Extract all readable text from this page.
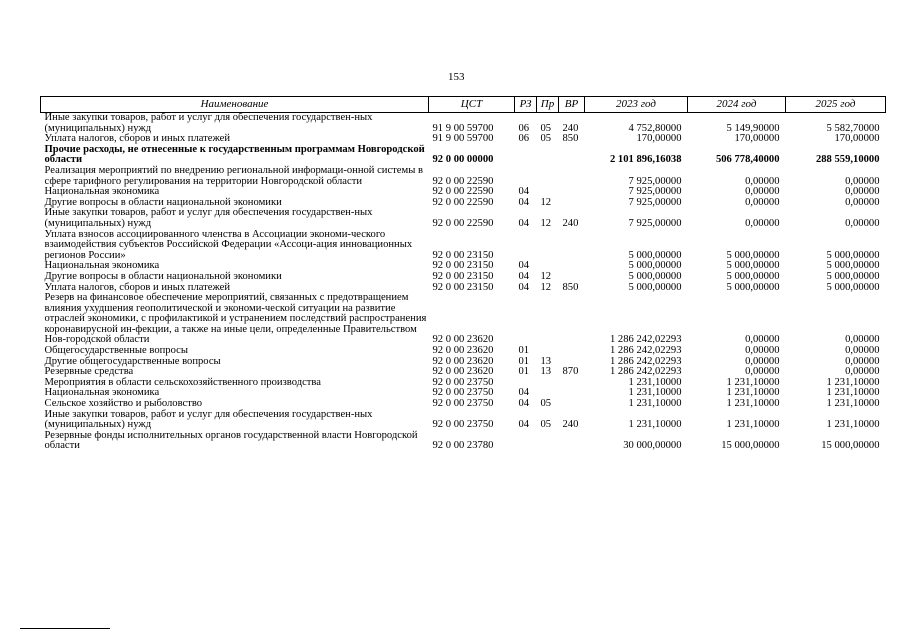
153
Наименование	ЦСТ	РЗ	Пр	ВР	2023 год	2024 год	2025 год
Иные закупки товаров, работ и услуг для обеспечения государствен-ных (муниципальных) нужд	91 9 00 59700	06	05	240	4 752,80000	5 149,90000	5 582,70000
Уплата налогов, сборов и иных платежей	91 9 00 59700	06	05	850	170,00000	170,00000	170,00000
Прочие расходы, не отнесенные к государственным программам Новгородской области	92 0 00 00000				2 101 896,16038	506 778,40000	288 559,10000
Реализация мероприятий по внедрению региональной информаци-онной системы в сфере тарифного регулирования на территории Новгородской области	92 0 00 22590				7 925,00000	0,00000	0,00000
Национальная экономика	92 0 00 22590	04			7 925,00000	0,00000	0,00000
Другие вопросы в области национальной экономики	92 0 00 22590	04	12		7 925,00000	0,00000	0,00000
Иные закупки товаров, работ и услуг для обеспечения государствен-ных (муниципальных) нужд	92 0 00 22590	04	12	240	7 925,00000	0,00000	0,00000
Уплата взносов ассоциированного членства в Ассоциации экономи-ческого взаимодействия субъектов Российской Федерации «Ассоци-ация инновационных регионов России»	92 0 00 23150				5 000,00000	5 000,00000	5 000,00000
Национальная экономика	92 0 00 23150	04			5 000,00000	5 000,00000	5 000,00000
Другие вопросы в области национальной экономики	92 0 00 23150	04	12		5 000,00000	5 000,00000	5 000,00000
Уплата налогов, сборов и иных платежей	92 0 00 23150	04	12	850	5 000,00000	5 000,00000	5 000,00000
Резерв на финансовое обеспечение мероприятий, связанных с предотвращением влияния ухудшения геополитической и экономи-ческой ситуации на развитие отраслей экономики, с профилактикой и устранением последствий распространения коронавирусной ин-фекции, а также на иные цели, определенные Правительством Нов-городской области	92 0 00 23620				1 286 242,02293	0,00000	0,00000
Общегосударственные вопросы	92 0 00 23620	01			1 286 242,02293	0,00000	0,00000
Другие общегосударственные вопросы	92 0 00 23620	01	13		1 286 242,02293	0,00000	0,00000
Резервные средства	92 0 00 23620	01	13	870	1 286 242,02293	0,00000	0,00000
Мероприятия в области сельскохозяйственного производства	92 0 00 23750				1 231,10000	1 231,10000	1 231,10000
Национальная экономика	92 0 00 23750	04			1 231,10000	1 231,10000	1 231,10000
Сельское хозяйство и рыболовство	92 0 00 23750	04	05		1 231,10000	1 231,10000	1 231,10000
Иные закупки товаров, работ и услуг для обеспечения государствен-ных (муниципальных) нужд	92 0 00 23750	04	05	240	1 231,10000	1 231,10000	1 231,10000
Резервные фонды исполнительных органов государственной власти Новгородской области	92 0 00 23780				30 000,00000	15 000,00000	15 000,00000
